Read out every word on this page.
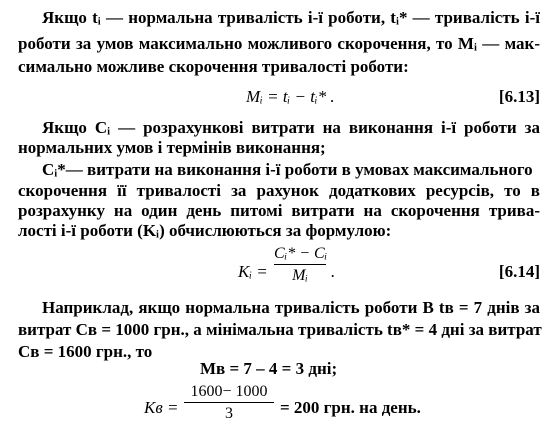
Якщо tᵢ — нормальна тривалість і-ї роботи, tᵢ* — тривалість і-ї
роботи за умов максимально можливого скорочення, то Mᵢ — мак-
симально можливе скорочення тривалості роботи:
Mᵢ = tᵢ − tᵢ* .	[6.13]
Якщо Cᵢ — розрахункові витрати на виконання і-ї роботи за
нормальних умов і термінів виконання;
Cᵢ*— витрати на виконання і-ї роботи в умовах максимального
скорочення її тривалості за рахунок додаткових ресурсів, то в
розрахунку на один день питомі витрати на скорочення трива-
лості і-ї роботи (Kᵢ) обчислюються за формулою:
Kᵢ =
Cᵢ* − Cᵢ
Mᵢ	.	[6.14]
Наприклад, якщо нормальна тривалість роботи В tв = 7 днів за
витрат Cв = 1000 грн., а мінімальна тривалість tв* = 4 дні за витрат
Cв = 1600 грн., то
Mв = 7 – 4 = 3 дні;
Kв =
1600− 1000
3	= 200 грн. на день.
